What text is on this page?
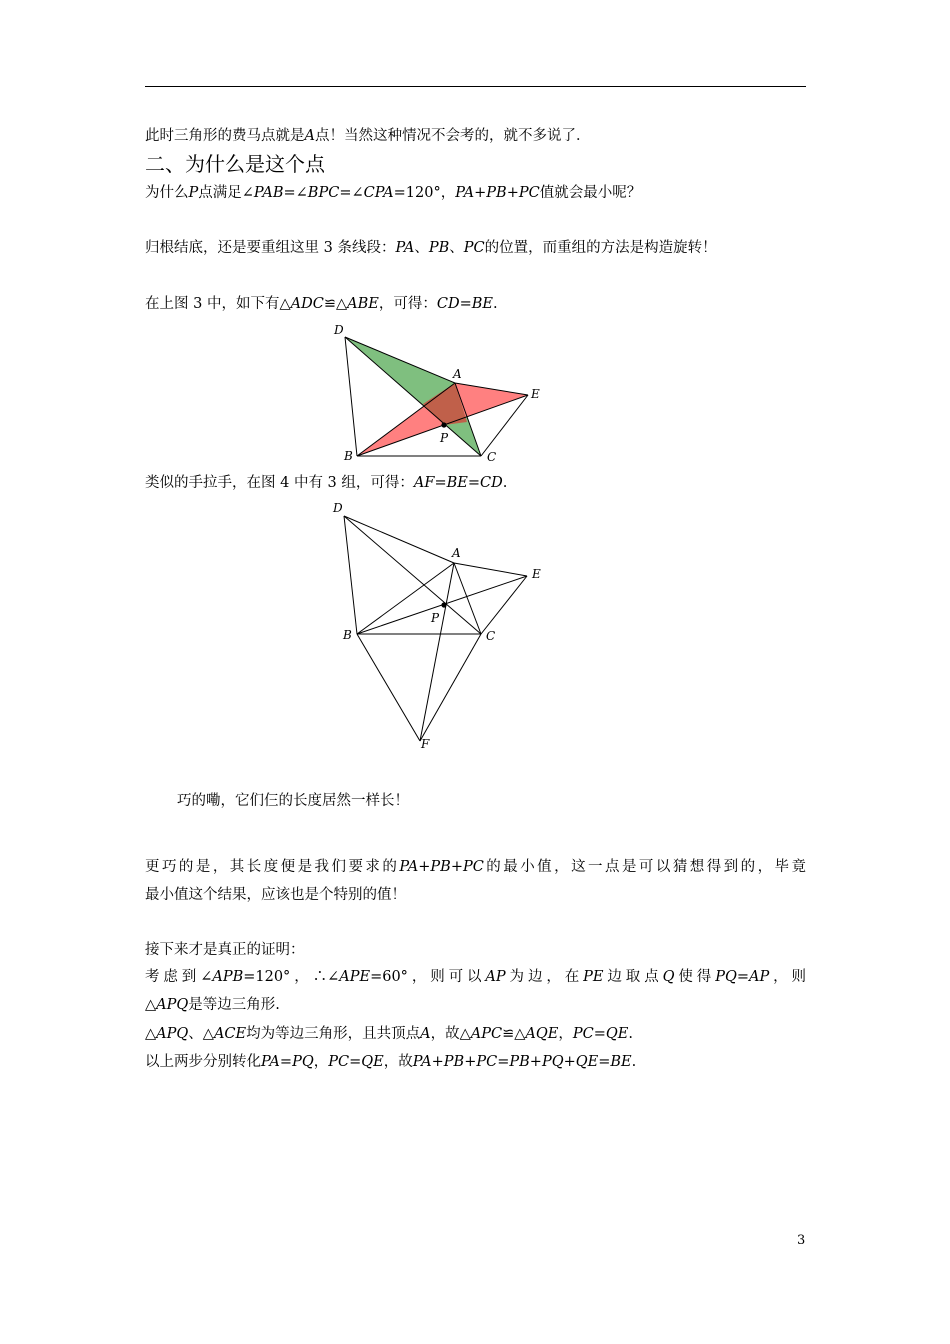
此时三角形的费马点就是A点！当然这种情况不会考的，就不多说了．
二、为什么是这个点
为什么P点满足∠PAB=∠BPC=∠CPA=120°，PA+PB+PC值就会最小呢？
归根结底，还是要重组这里 3 条线段：PA、PB、PC的位置，而重组的方法是构造旋转！
在上图 3 中，如下有△ADC≌△ABE，可得：CD=BE.
D
A
E
P
B	C
类似的手拉手，在图 4 中有 3 组，可得：AF=BE=CD.
D
A
E
P
B	C
F
巧的嘞，它们仨的长度居然一样长！
更巧的是，其长度便是我们要求的PA+PB+PC的最小值，这一点是可以猜想得到的，毕竟
最小值这个结果，应该也是个特别的值！
接下来才是真正的证明：
考虑到∠APB=120°，∴∠APE=60°，则可以AP为边，在PE边取点Q使得PQ=AP，则
△APQ是等边三角形.
△APQ、△ACE均为等边三角形，且共顶点A，故△APC≌△AQE，PC=QE.
以上两步分别转化PA=PQ，PC=QE，故PA+PB+PC=PB+PQ+QE=BE.
3
